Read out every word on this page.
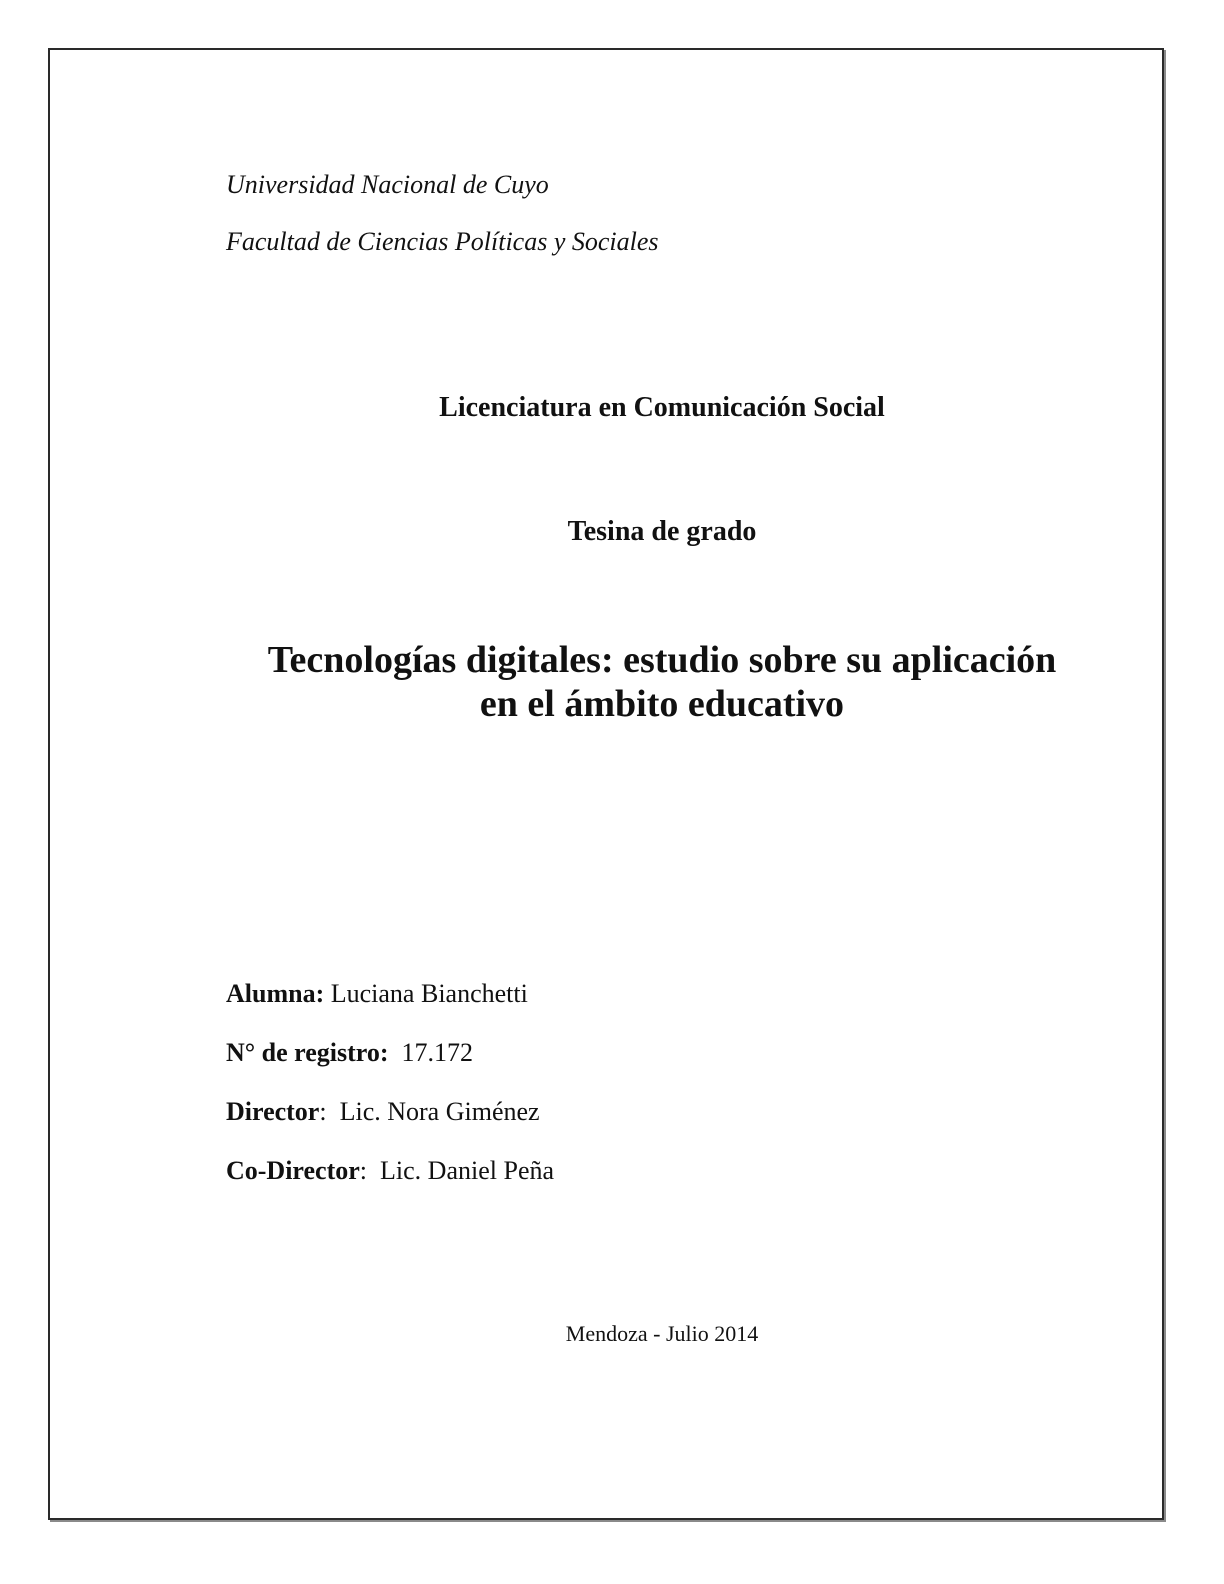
Universidad Nacional de Cuyo
Facultad de Ciencias Políticas y Sociales
Licenciatura en Comunicación Social
Tesina de grado
Tecnologías digitales: estudio sobre su aplicación
en el ámbito educativo
Alumna: Luciana Bianchetti
N° de registro: 17.172
Director:  Lic. Nora Giménez
Co-Director:  Lic. Daniel Peña
Mendoza - Julio 2014
